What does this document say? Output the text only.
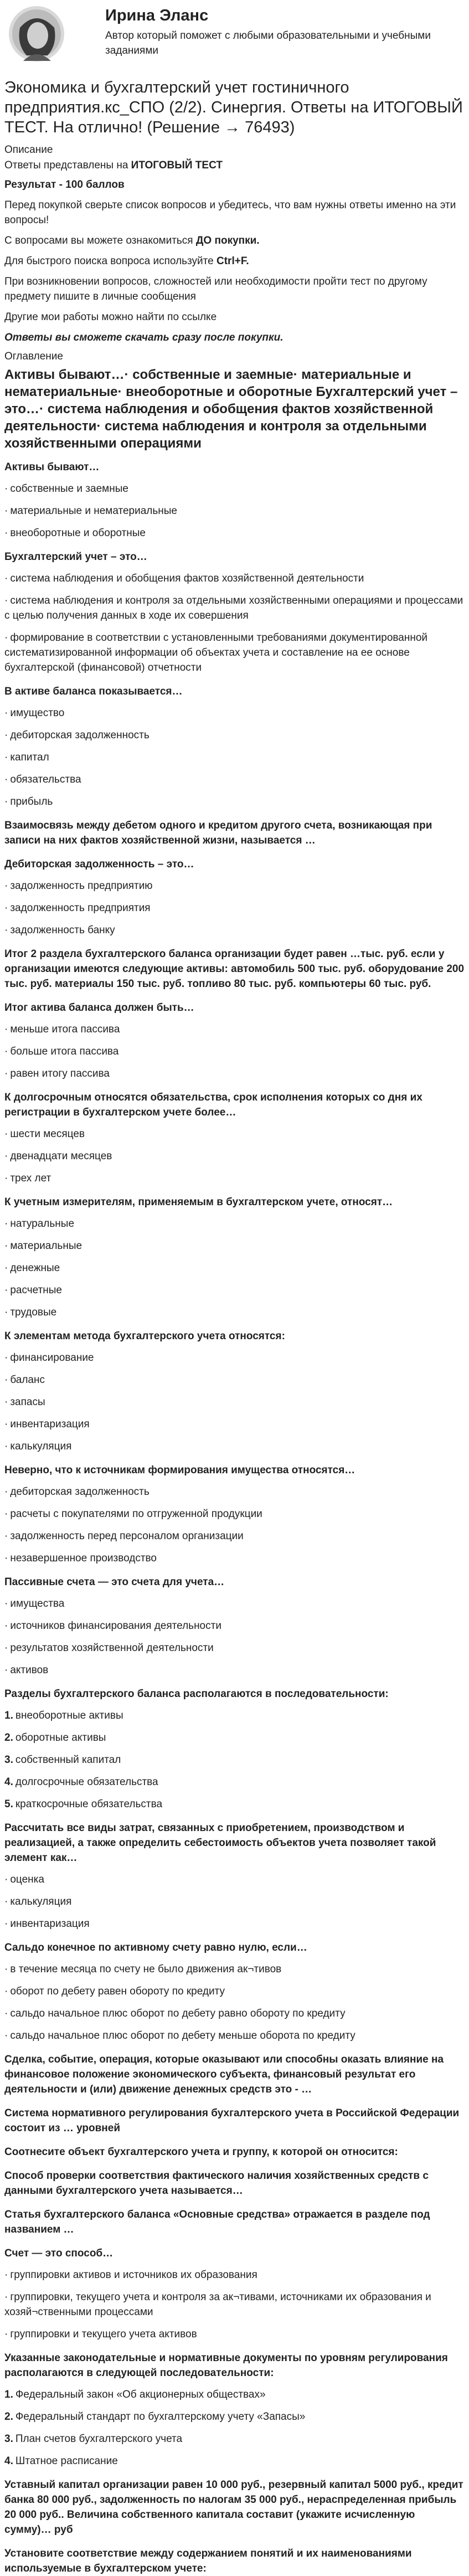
Ирина Эланс
Автор который поможет с любыми образовательными и учебными заданиями
Экономика и бухгалтерский учет гостиничного предприятия.кс_СПО (2/2). Синергия. Ответы на ИТОГОВЫЙ ТЕСТ. На отлично! (Решение → 76493)
Описание
Ответы представлены на ИТОГОВЫЙ ТЕСТ

Результат - 100 баллов

Перед покупкой сверьте список вопросов и убедитесь, что вам нужны ответы именно на эти вопросы!

С вопросами вы можете ознакомиться ДО покупки.

Для быстрого поиска вопроса используйте Ctrl+F.

При возникновении вопросов, сложностей или необходимости пройти тест по другому предмету пишите в личные сообщения

Другие мои работы можно найти по ссылке

Ответы вы сможете скачать сразу после покупки.

Оглавление
Активы бывают…· собственные и заемные· материальные и нематериальные· внеоборотные и оборотные Бухгалтерский учет – это…· система наблюдения и обобщения фактов хозяйственной деятельности· система наблюдения и контроля за отдельными хозяйственными операциями
Активы бывают…
· собственные и заемные
· материальные и нематериальные
· внеоборотные и оборотные
Бухгалтерский учет – это…
· система наблюдения и обобщения фактов хозяйственной деятельности
· система наблюдения и контроля за отдельными хозяйственными операциями и процессами с целью получения данных в ходе их совершения
· формирование в соответствии с установленными требованиями документированной систематизированной информации об объектах учета и составление на ее основе бухгалтерской (финансовой) отчетности
В активе баланса показывается…
· имущество
· дебиторская задолженность
· капитал
· обязательства
· прибыль
Взаимосвязь между дебетом одного и кредитом другого счета, возникающая при записи на них фактов хозяйственной жизни, называется …
Дебиторская задолженность – это…
· задолженность предприятию
· задолженность предприятия
· задолженность банку
Итог 2 раздела бухгалтерского баланса организации будет равен …тыс. руб. если у организации имеются следующие активы: автомобиль 500 тыс. руб. оборудование 200 тыс. руб. материалы 150 тыс. руб. топливо 80 тыс. руб. компьютеры 60 тыс. руб.
Итог актива баланса должен быть…
· меньше итога пассива
· больше итога пассива
· равен итогу пассива
К долгосрочным относятся обязательства, срок исполнения которых со дня их регистрации в бухгалтерском учете более…
· шести месяцев
· двенадцати месяцев
· трех лет
К учетным измерителям, применяемым в бухгалтерском учете, относят…
· натуральные
· материальные
· денежные
· расчетные
· трудовые
К элементам метода бухгалтерского учета относятся:
· финансирование
· баланс
· запасы
· инвентаризация
· калькуляция
Неверно, что к источникам формирования имущества относятся…
· дебиторская задолженность
· расчеты с покупателями по отгруженной продукции
· задолженность перед персоналом организации
· незавершенное производство
Пассивные счета — это счета для учета…
· имущества
· источников финансирования деятельности
· результатов хозяйственной деятельности
· активов
Разделы бухгалтерского баланса располагаются в последовательности:
1. внеоборотные активы
2. оборотные активы
3. собственный капитал
4. долгосрочные обязательства
5. краткосрочные обязательства
Рассчитать все виды затрат, связанных с приобретением, производством и реализацией, а также определить себестоимость объектов учета позволяет такой элемент как…
· оценка
· калькуляция
· инвентаризация
Сальдо конечное по активному счету равно нулю, если…
· в течение месяца по счету не было движения ак¬тивов
· оборот по дебету равен обороту по кредиту
· сальдо начальное плюс оборот по дебету равно обороту по кредиту
· сальдо начальное плюс оборот по дебету меньше оборота по кредиту
Сделка, событие, операция, которые оказывают или способны оказать влияние на финансовое положение экономического субъекта, финансовый результат его деятельности и (или) движение денежных средств это - …
Система нормативного регулирования бухгалтерского учета в Российской Федерации состоит из … уровней
Соотнесите объект бухгалтерского учета и группу, к которой он относится:
Способ проверки соответствия фактического наличия хозяйственных средств с данными бухгалтерского учета называется…
Статья бухгалтерского баланса «Основные средства» отражается в разделе под названием …
Счет — это способ…
· группировки активов и источников их образования
· группировки, текущего учета и контроля за ак¬тивами, источниками их образования и хозяй¬ственными процессами
· группировки и текущего учета активов
Указанные законодательные и нормативные документы по уровням регулирования располагаются в следующей последовательности:
1. Федеральный закон «Об акционерных обществах»
2. Федеральный стандарт по бухгалтерскому учету «Запасы»
3. План счетов бухгалтерского учета
4. Штатное расписание
Уставный капитал организации равен 10 000 руб., резервный капитал 5000 руб., кредит банка 80 000 руб., задолженность по налогам 35 000 руб., нераспределенная прибыль 20 000 руб.. Величина собственного капитала составит (укажите исчисленную сумму)… руб
Установите соответствие между содержанием понятий и их наименованиями используемые в бухгалтерском учете:
